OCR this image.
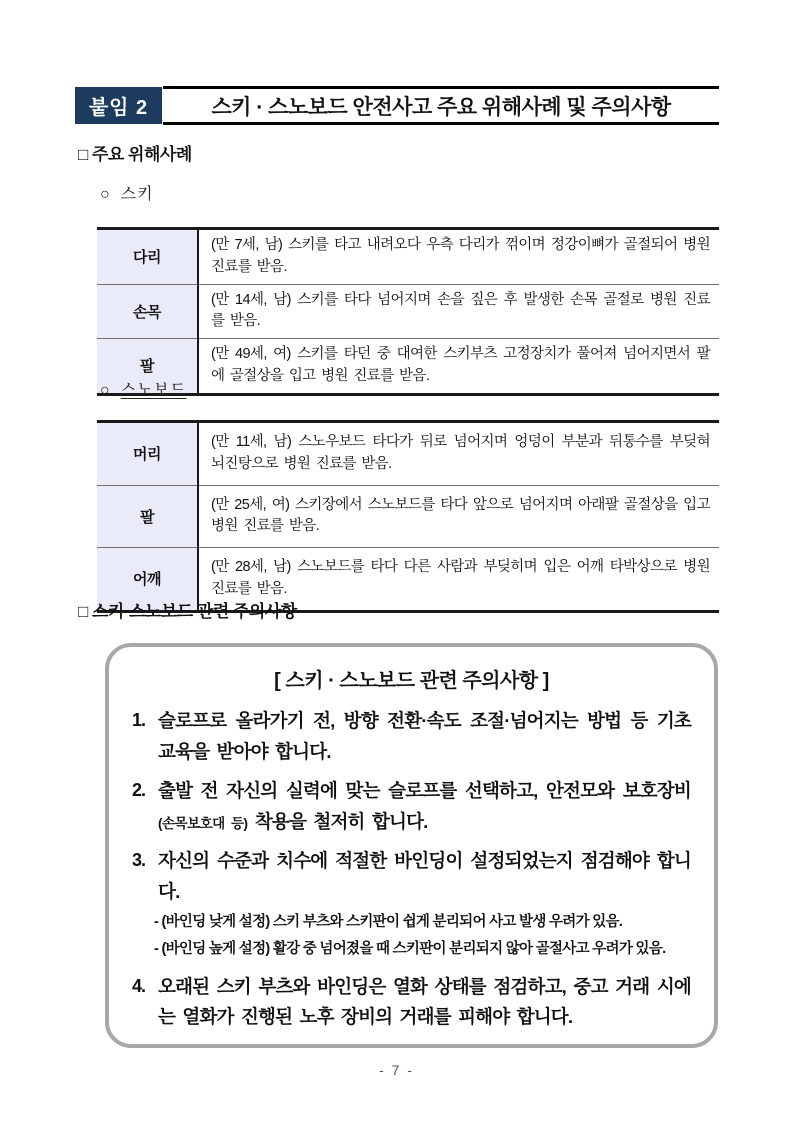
붙임 2	스키 · 스노보드 안전사고 주요 위해사례 및 주의사항
□ 주요 위해사례
○ 스키
다리	(만 7세, 남) 스키를 타고 내려오다 우측 다리가 꺾이며 정강이뼈가 골절되어 병원 진료를 받음.
손목	(만 14세, 남) 스키를 타다 넘어지며 손을 짚은 후 발생한 손목 골절로 병원 진료를 받음.
팔	(만 49세, 여) 스키를 타던 중 대여한 스키부츠 고정장치가 풀어져 넘어지면서 팔에 골절상을 입고 병원 진료를 받음.
○ 스노보드
머리	(만 11세, 남) 스노우보드 타다가 뒤로 넘어지며 엉덩이 부분과 뒤통수를 부딪혀 뇌진탕으로 병원 진료를 받음.
팔	(만 25세, 여) 스키장에서 스노보드를 타다 앞으로 넘어지며 아래팔 골절상을 입고 병원 진료를 받음.
어깨	(만 28세, 남) 스노보드를 타다 다른 사람과 부딪히며 입은 어깨 타박상으로 병원 진료를 받음.
□ 스키·스노보드 관련 주의사항
[ 스키 · 스노보드 관련 주의사항 ]
1. 슬로프로 올라가기 전, 방향 전환·속도 조절·넘어지는 방법 등 기초 교육을 받아야 합니다.
2. 출발 전 자신의 실력에 맞는 슬로프를 선택하고, 안전모와 보호장비(손목보호대 등) 착용을 철저히 합니다.
3. 자신의 수준과 치수에 적절한 바인딩이 설정되었는지 점검해야 합니다.
- (바인딩 낮게 설정) 스키 부츠와 스키판이 쉽게 분리되어 사고 발생 우려가 있음.
- (바인딩 높게 설정) 활강 중 넘어졌을 때 스키판이 분리되지 않아 골절사고 우려가 있음.
4. 오래된 스키 부츠와 바인딩은 열화 상태를 점검하고, 중고 거래 시에는 열화가 진행된 노후 장비의 거래를 피해야 합니다.
- 7 -
